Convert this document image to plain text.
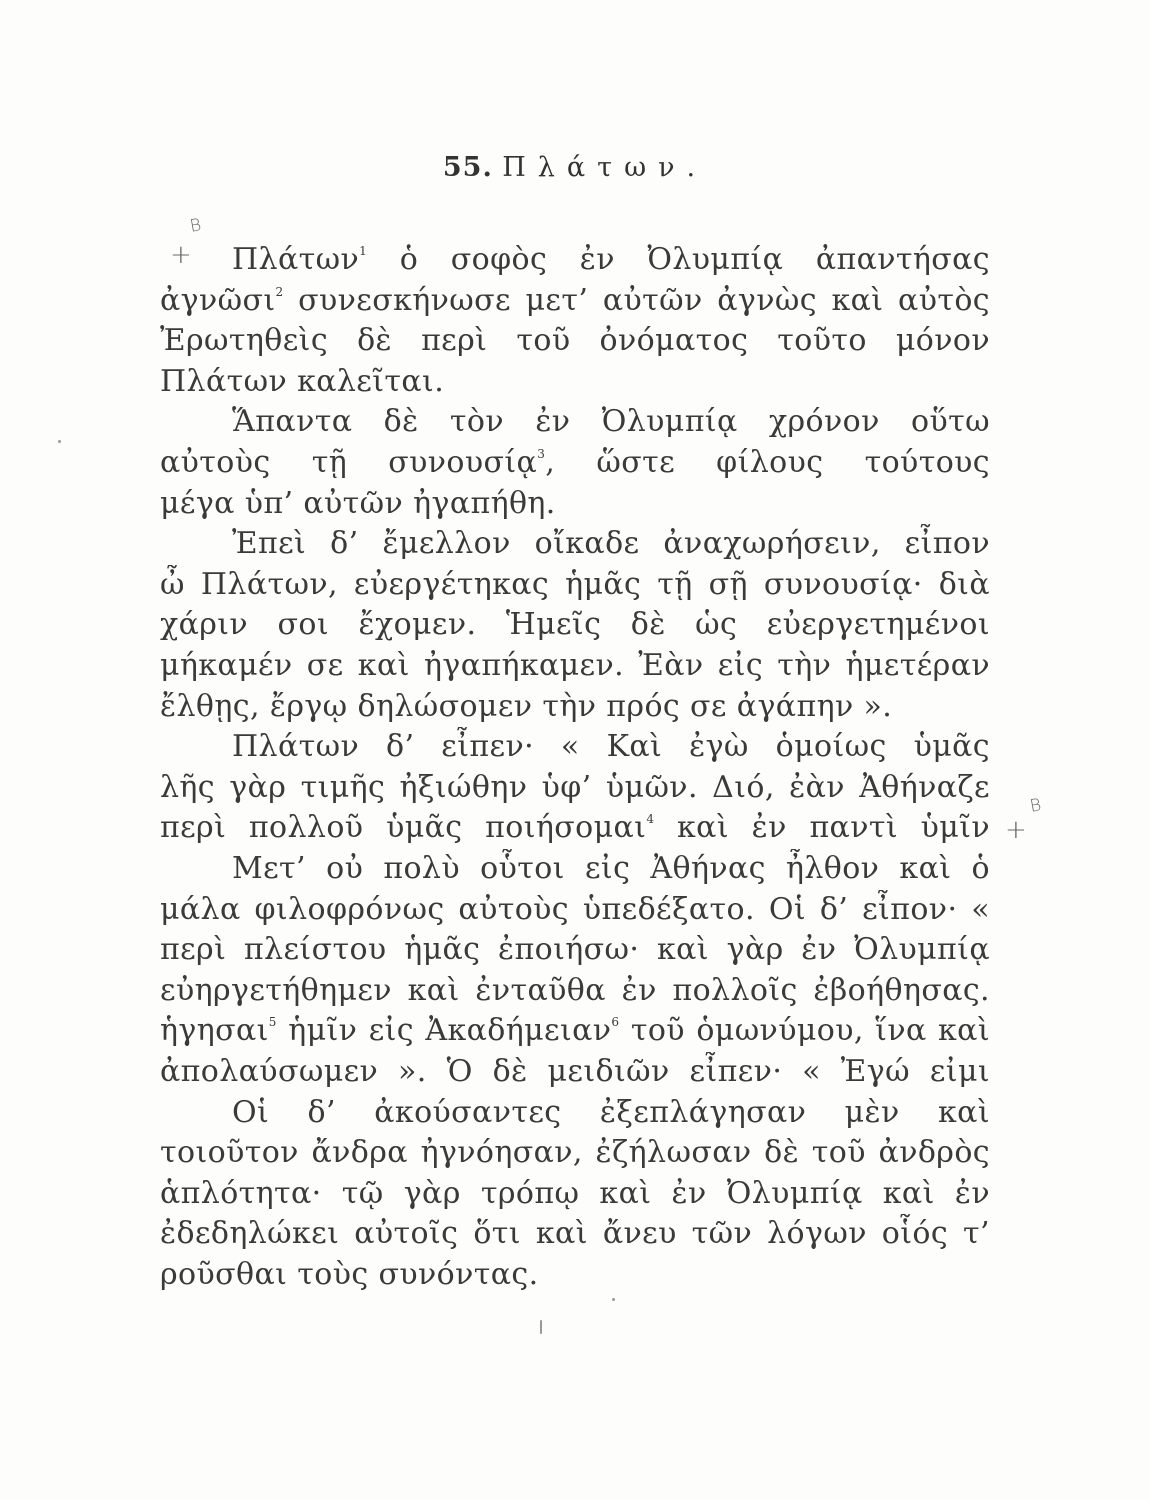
55. Πλάτων.
+
B
+
B
Πλάτων$^1$ ὁ σοφὸς ἐν Ὀλυμπίᾳ ἀπαντήσας
ἀγνῶσι$^2$ συνεσκήνωσε μετ’ αὐτῶν ἀγνὼς καὶ αὐτὸς
Ἐρωτηθεὶς δὲ περὶ τοῦ ὀνόματος τοῦτο μόνον
Πλάτων καλεῖται.
Ἅπαντα δὲ τὸν ἐν Ὀλυμπίᾳ χρόνον οὕτω
αὐτοὺς τῇ συνουσίᾳ$^3$, ὥστε φίλους τούτους
μέγα ὑπ’ αὐτῶν ἠγαπήθη.
Ἐπεὶ δ’ ἔμελλον οἴκαδε ἀναχωρήσειν, εἶπον
ὦ Πλάτων, εὐεργέτηκας ἡμᾶς τῇ σῇ συνουσίᾳ· διὰ
χάριν σοι ἔχομεν. Ἡμεῖς δὲ ὡς εὐεργετημένοι
μήκαμέν σε καὶ ἠγαπήκαμεν. Ἐὰν εἰς τὴν ἡμετέραν
ἔλθῃς, ἔργῳ δηλώσομεν τὴν πρός σε ἀγάπην ».
Πλάτων δ’ εἶπεν· « Καὶ ἐγὼ ὁμοίως ὑμᾶς
λῆς γὰρ τιμῆς ἠξιώθην ὑφ’ ὑμῶν. Διό, ἐὰν Ἀθήναζε
περὶ πολλοῦ ὑμᾶς ποιήσομαι$^4$ καὶ ἐν παντὶ ὑμῖν
Μετ’ οὐ πολὺ οὗτοι εἰς Ἀθήνας ἦλθον καὶ ὁ
μάλα φιλοφρόνως αὐτοὺς ὑπεδέξατο. Οἱ δ’ εἶπον· «
περὶ πλείστου ἡμᾶς ἐποιήσω· καὶ γὰρ ἐν Ὀλυμπίᾳ
εὐηργετήθημεν καὶ ἐνταῦθα ἐν πολλοῖς ἐβοήθησας.
ἡγησαι$^5$ ἡμῖν εἰς Ἀκαδήμειαν$^6$ τοῦ ὁμωνύμου, ἵνα καὶ
ἀπολαύσωμεν ». Ὁ δὲ μειδιῶν εἶπεν· « Ἐγώ εἰμι
Οἱ δ’ ἀκούσαντες ἐξεπλάγησαν μὲν καὶ
τοιοῦτον ἄνδρα ἠγνόησαν, ἐζήλωσαν δὲ τοῦ ἀνδρὸς
ἁπλότητα· τῷ γὰρ τρόπῳ καὶ ἐν Ὀλυμπίᾳ καὶ ἐν
ἐδεδηλώκει αὐτοῖς ὅτι καὶ ἄνευ τῶν λόγων οἷός τ’
ροῦσθαι τοὺς συνόντας.
